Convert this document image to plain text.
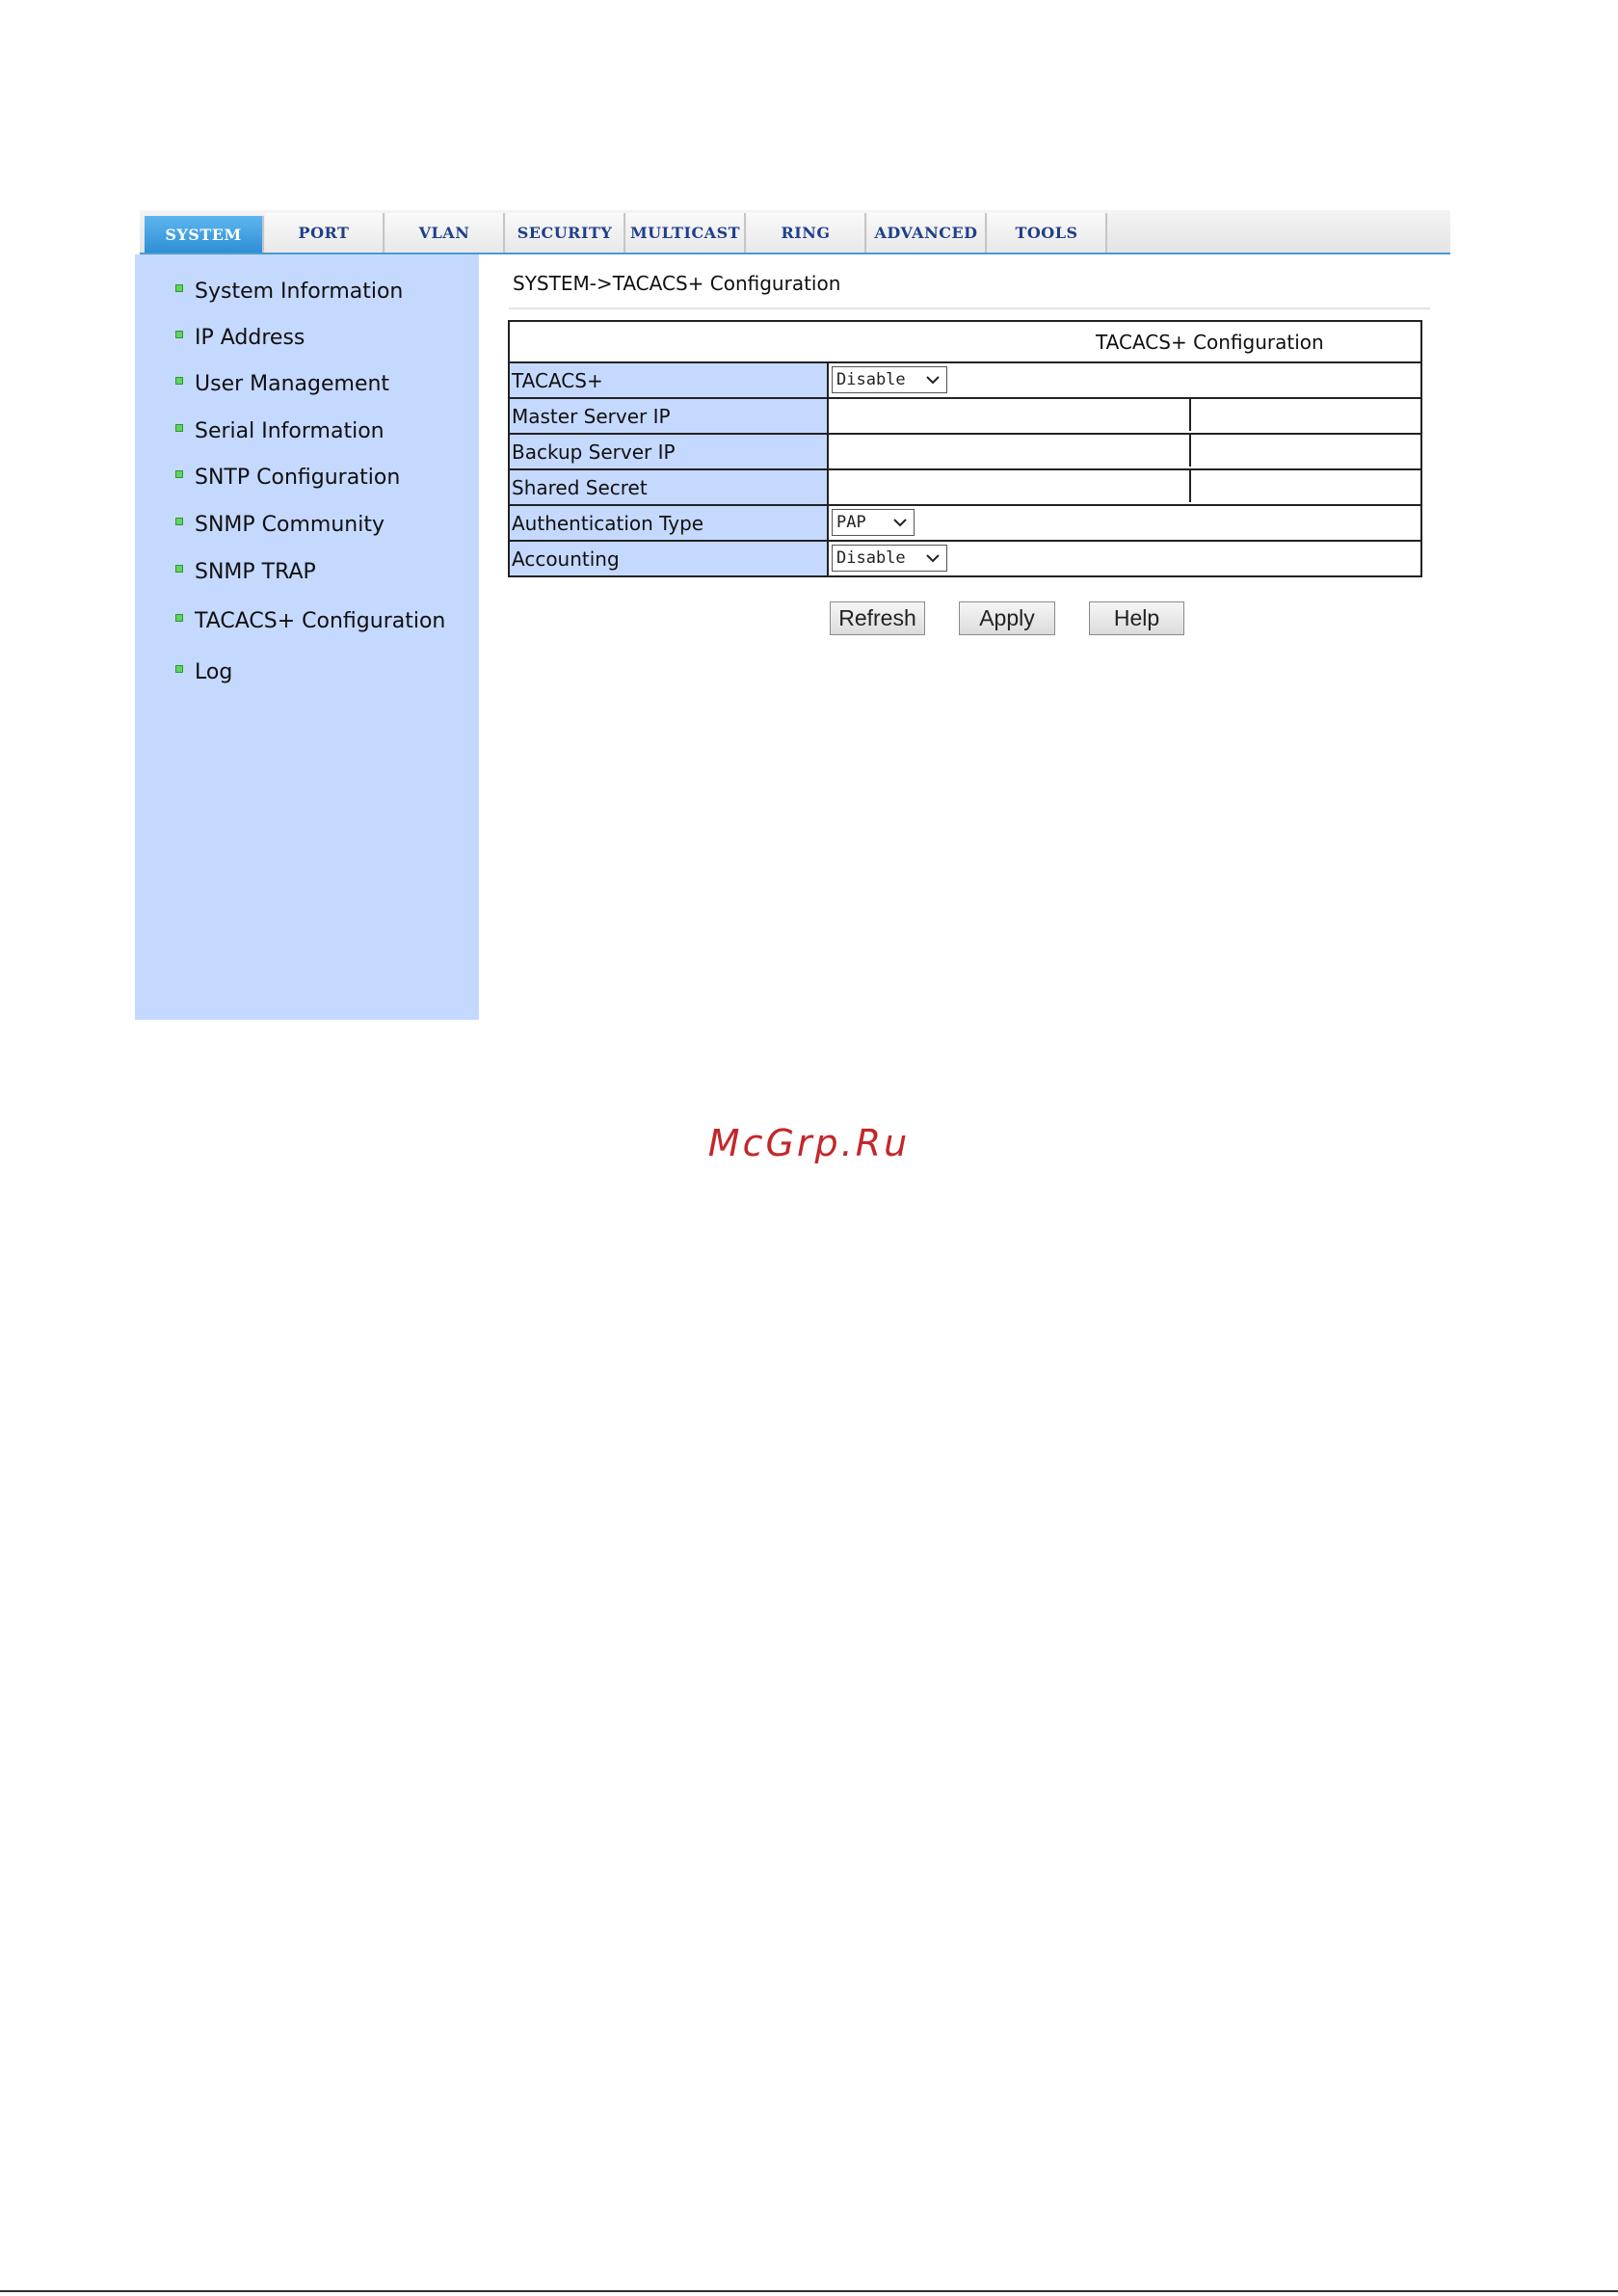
SYSTEM	PORT	VLAN	SECURITY	MULTICAST	RING	ADVANCED	TOOLS
System Information
IP Address
User Management
Serial Information
SNTP Configuration
SNMP Community
SNMP TRAP
TACACS+ Configuration
Log
SYSTEM->TACACS+ Configuration
TACACS+ Configuration	
TACACS+	Disable

Master Server IP	

Backup Server IP	

Shared Secret	

Authentication Type	PAP

Accounting	Disable
Refresh	Apply	Help
McGrp.Ru
